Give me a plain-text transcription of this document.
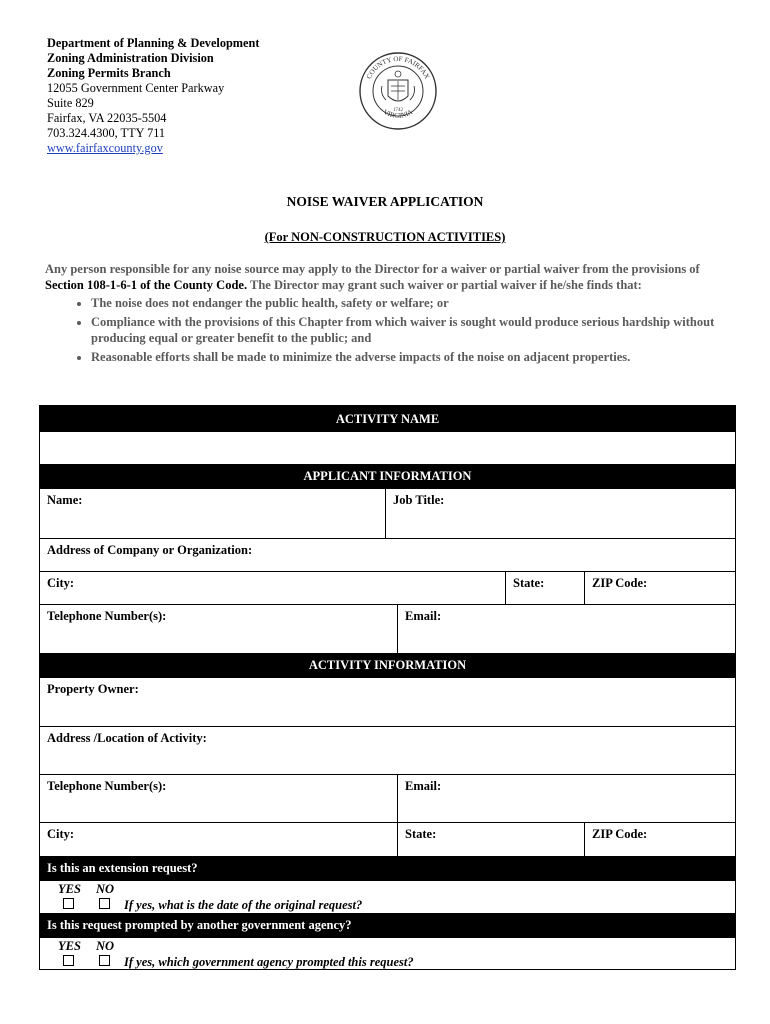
Department of Planning & Development
Zoning Administration Division
Zoning Permits Branch
12055 Government Center Parkway
Suite 829
Fairfax, VA 22035-5504
703.324.4300, TTY 711
www.fairfaxcounty.gov
COUNTY OF FAIRFAX
VIRGINIA
1742
NOISE WAIVER APPLICATION
(For NON-CONSTRUCTION ACTIVITIES)
Any person responsible for any noise source may apply to the Director for a waiver or partial waiver from the provisions of Section 108-1-6-1 of the County Code. The Director may grant such waiver or partial waiver if he/she finds that:
• The noise does not endanger the public health, safety or welfare; or
• Compliance with the provisions of this Chapter from which waiver is sought would produce serious hardship without producing equal or greater benefit to the public; and
• Reasonable efforts shall be made to minimize the adverse impacts of the noise on adjacent properties.
ACTIVITY NAME
APPLICANT INFORMATION
Name:	Job Title:
Address of Company or Organization:
City:	State:	ZIP Code:
Telephone Number(s):	Email:
ACTIVITY INFORMATION
Property Owner:
Address /Location of Activity:
Telephone Number(s):	Email:
City:	State:	ZIP Code:
Is this an extension request?
YES NO
If yes, what is the date of the original request?
Is this request prompted by another government agency?
YES NO
If yes, which government agency prompted this request?
